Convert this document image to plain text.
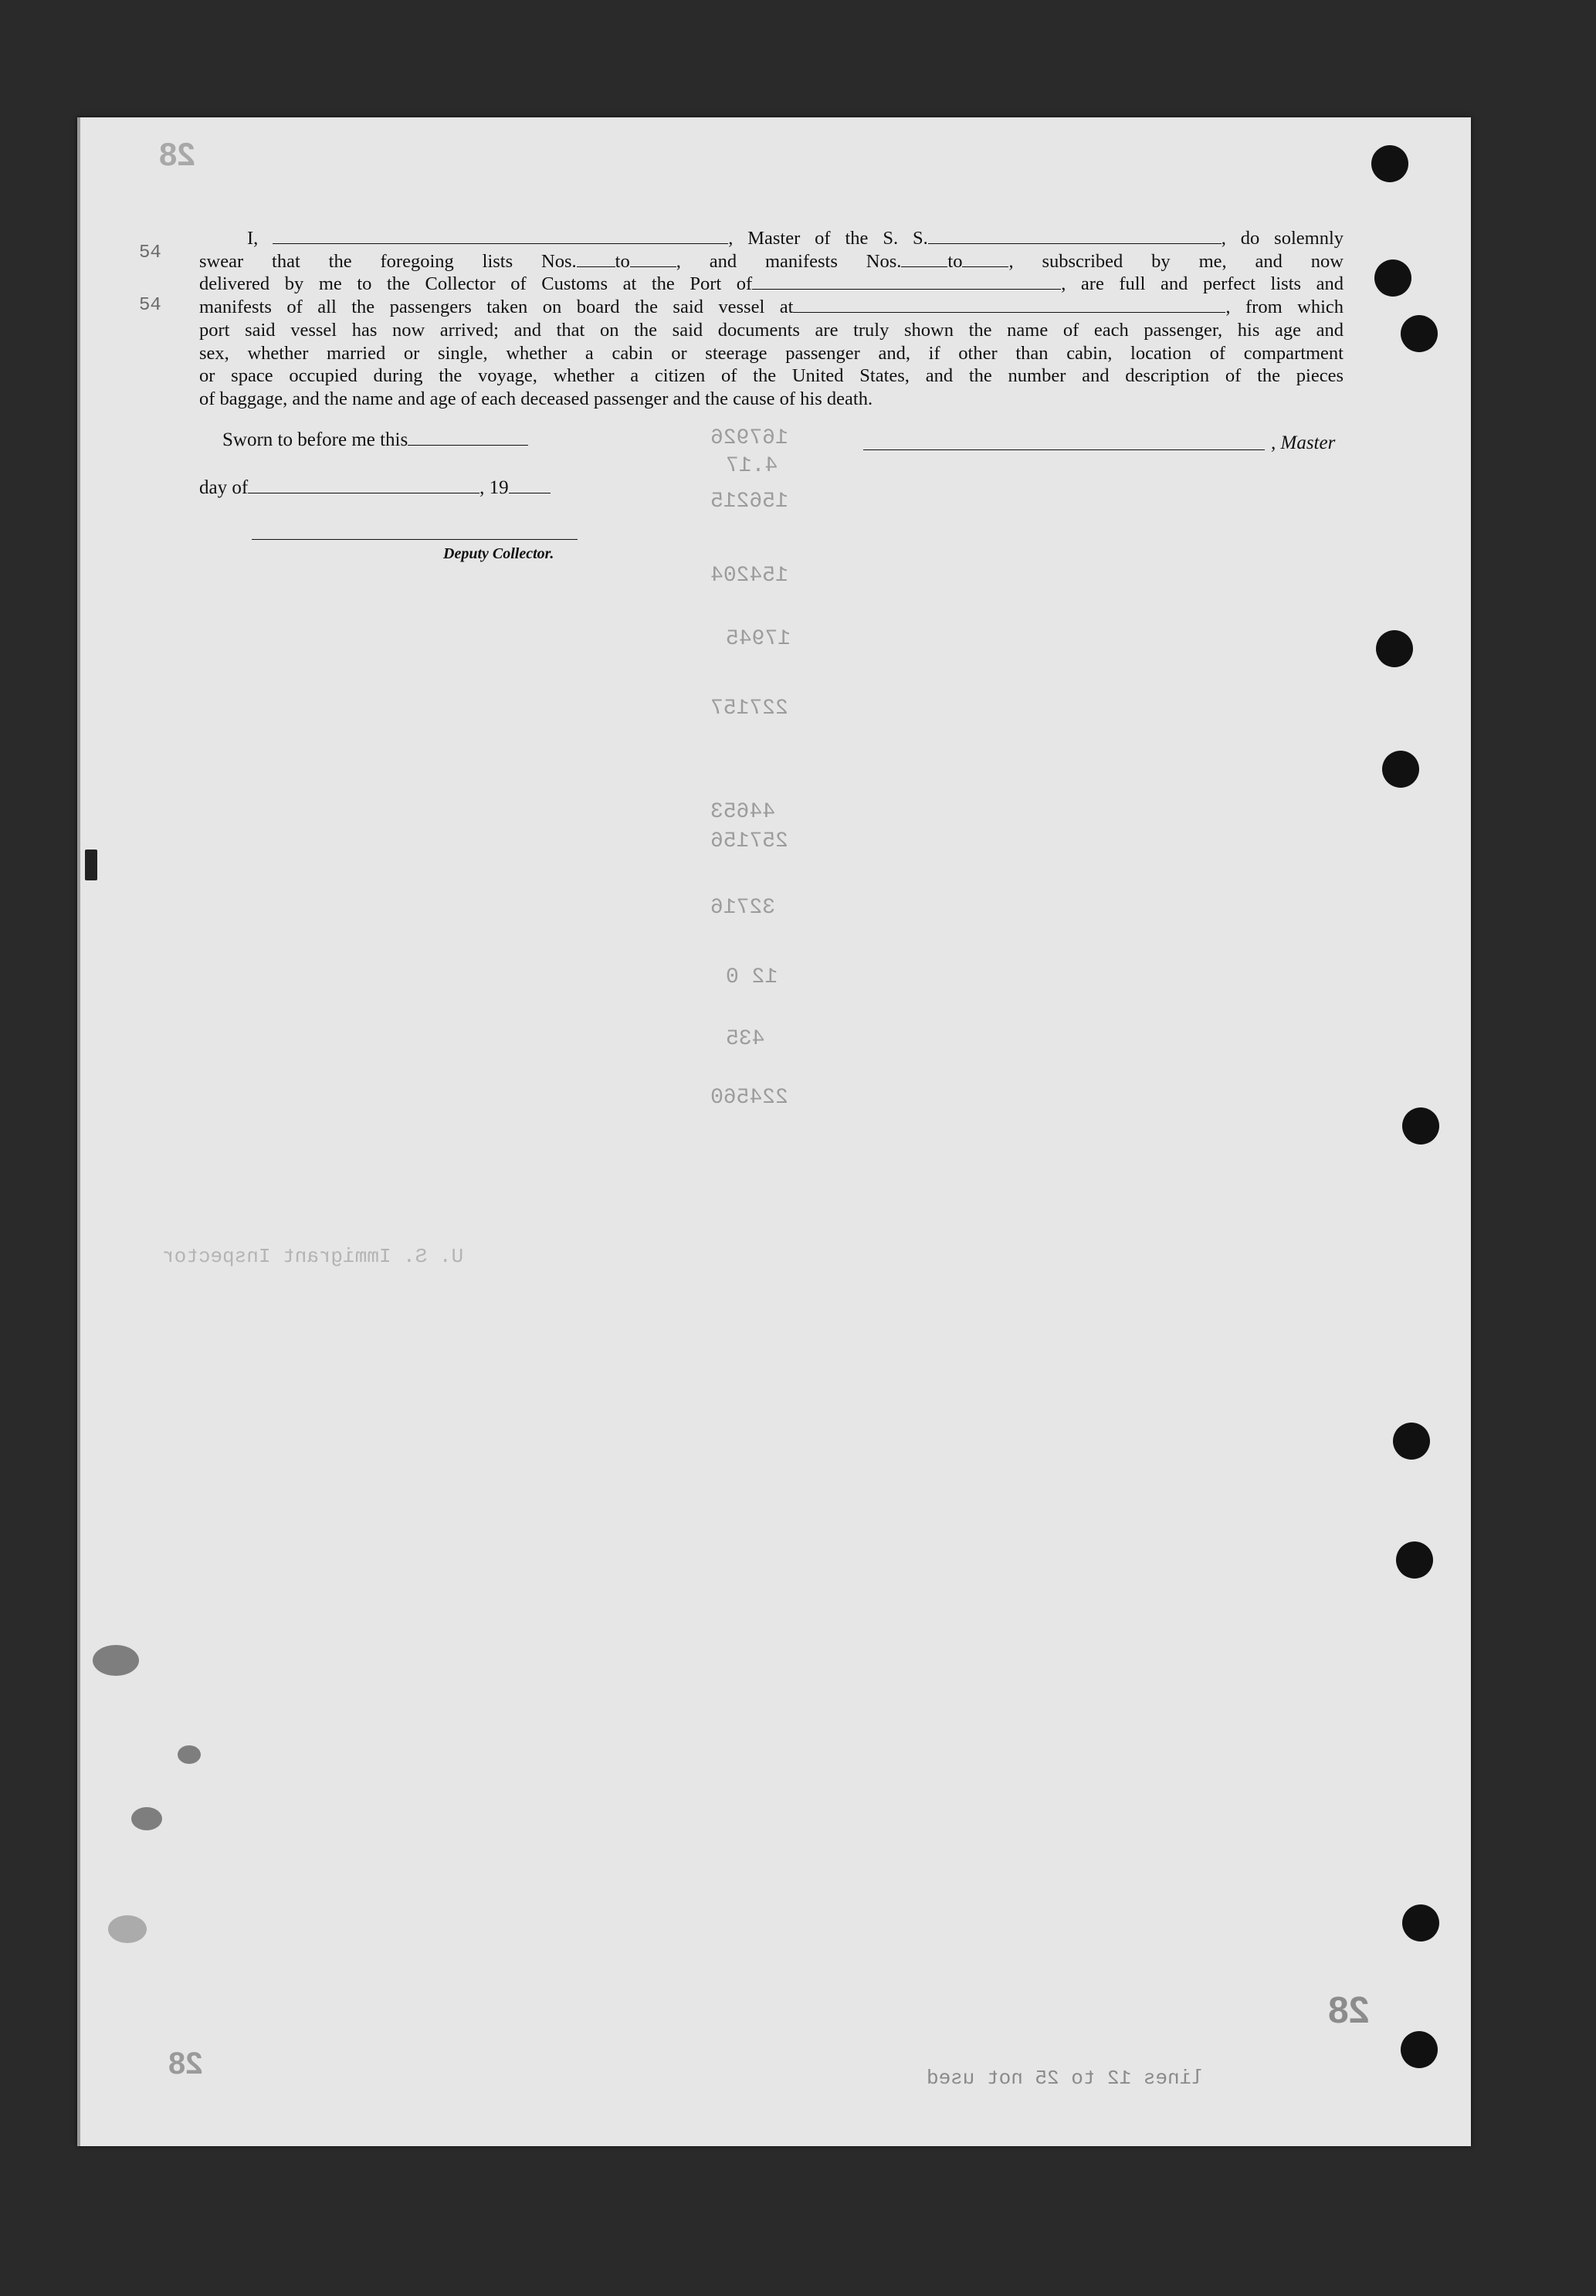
28
54
54
I,	, Master of the S. S.	, do solemnly
swear that the foregoing lists Nos. to , and manifests Nos. to , subscribed by me, and now
delivered by me to the Collector of Customs at the Port of	, are full and perfect lists and
manifests of all the passengers taken on board the said vessel at	, from which
port said vessel has now arrived; and that on the said documents are truly shown the name of each passenger, his age and
sex, whether married or single, whether a cabin or steerage passenger and, if other than cabin, location of compartment
or space occupied during the voyage, whether a citizen of the United States, and the number and description of the pieces
of baggage, and the name and age of each deceased passenger and the cause of his death.
Sworn to before me this
day of	, 19
Deputy Collector.
, Master
167926
4.17
156215
154204
17945
227157
44653
257156
32716
12 0
435
224560
U. S. Immigrant Inspector
28
28	lines 12 to 25 not used
